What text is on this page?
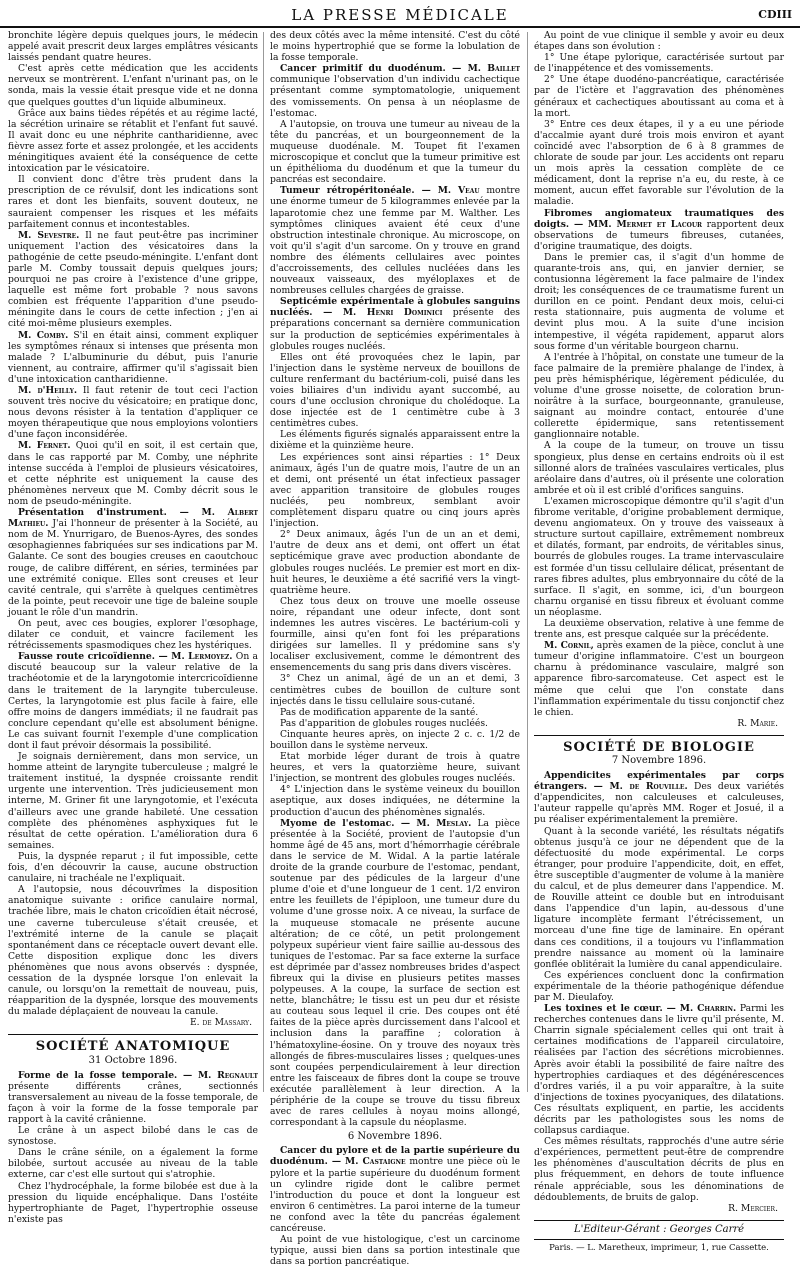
LA PRESSE MÉDICALE	CDIII

bronchite légère depuis quelques jours, le médecin appelé avait prescrit deux larges emplâtres vésicants laissés pendant quatre heures.

C'est après cette médication que les accidents nerveux se montrèrent. L'enfant n'urinant pas, on le sonda, mais la vessie était presque vide et ne donna que quelques gouttes d'un liquide albumineux.

Grâce aux bains tièdes répétés et au régime lacté, la sécrétion urinaire se rétablit et l'enfant fut sauvé. Il avait donc eu une néphrite cantharidienne, avec fièvre assez forte et assez prolongée, et les accidents méningitiques avaient été la conséquence de cette intoxication par le vésicatoire.

Il convient donc d'être très prudent dans la prescription de ce révulsif, dont les indications sont rares et dont les bienfaits, souvent douteux, ne sauraient compenser les risques et les méfaits parfaitement connus et incontestables.

M. Sevestre. Il ne faut peut-être pas incriminer uniquement l'action des vésicatoires dans la pathogénie de cette pseudo-méningite. L'enfant dont parle M. Comby toussait depuis quelques jours; pourquoi ne pas croire à l'existence d'une grippe, laquelle est même fort probable ? nous savons combien est fréquente l'apparition d'une pseudo-méningite dans le cours de cette infection ; j'en ai cité moi-même plusieurs exemples.

M. Comby. S'il en était ainsi, comment expliquer les symptômes rénaux si intenses que présenta mon malade ? L'albuminurie du début, puis l'anurie viennent, au contraire, affirmer qu'il s'agissait bien d'une intoxication cantharidienne.

M. d'Heilly. Il faut retenir de tout ceci l'action souvent très nocive du vésicatoire; en pratique donc, nous devons résister à la tentation d'appliquer ce moyen thérapeutique que nous employions volontiers d'une façon inconsidérée.

M. Fernet. Quoi qu'il en soit, il est certain que, dans le cas rapporté par M. Comby, une néphrite intense succéda à l'emploi de plusieurs vésicatoires, et cette néphrite est uniquement la cause des phénomènes nerveux que M. Comby décrit sous le nom de pseudo-méningite.

Présentation d'instrument. — M. Albert Mathieu. J'ai l'honneur de présenter à la Société, au nom de M. Ynurrigaro, de Buenos-Ayres, des sondes œsophagiennes fabriquées sur ses indications par M. Galante. Ce sont des bougies creuses en caoutchouc rouge, de calibre différent, en séries, terminées par une extrémité conique. Elles sont creuses et leur cavité centrale, qui s'arrête à quelques centimètres de la pointe, peut recevoir une tige de baleine souple jouant le rôle d'un mandrin.

On peut, avec ces bougies, explorer l'œsophage, dilater ce conduit, et vaincre facilement les rétrécissements spasmodiques chez les hystériques.

Fausse route cricoïdienne. — M. Lermoyez. On a discuté beaucoup sur la valeur relative de la trachéotomie et de la laryngotomie intercricoïdienne dans le traitement de la laryngite tuberculeuse. Certes, la laryngotomie est plus facile à faire, elle offre moins de dangers immédiats; il ne faudrait pas conclure cependant qu'elle est absolument bénigne. Le cas suivant fournit l'exemple d'une complication dont il faut prévoir désormais la possibilité.

Je soignais dernièrement, dans mon service, un homme atteint de laryngite tuberculeuse ; malgré le traitement institué, la dyspnée croissante rendit urgente une intervention. Très judicieusement mon interne, M. Griner fit une laryngotomie, et l'exécuta d'ailleurs avec une grande habileté. Une cessation complète des phénomènes asphyxiques fut le résultat de cette opération. L'amélioration dura 6 semaines.

Puis, la dyspnée reparut ; il fut impossible, cette fois, d'en découvrir la cause, aucune obstruction canulaire, ni trachéale ne l'expliquait.

A l'autopsie, nous découvrîmes la disposition anatomique suivante : orifice canulaire normal, trachée libre, mais le chaton cricoïdien était nécrosé, une caverne tuberculeuse s'était creusée, et l'extrémité interne de la canule se plaçait spontanément dans ce réceptacle ouvert devant elle. Cette disposition explique donc les divers phénomènes que nous avons observés : dyspnée, cessation de la dyspnée lorsque l'on enlevait la canule, ou lorsqu'on la remettait de nouveau, puis, réapparition de la dyspnée, lorsque des mouvements du malade déplaçaient de nouveau la canule.

E. de Massary.
SOCIÉTÉ ANATOMIQUE
31 Octobre 1896.

Forme de la fosse temporale. — M. Regnault présente différents crânes, sectionnés transversalement au niveau de la fosse temporale, de façon à voir la forme de la fosse temporale par rapport à la cavité crânienne.

Le crâne à un aspect bilobé dans le cas de synostose.

Dans le crâne sénile, on a également la forme bilobée, surtout accusée au niveau de la table externe, car c'est elle surtout qui s'atrophie.

Chez l'hydrocéphale, la forme bilobée est due à la pression du liquide encéphalique. Dans l'ostéite hypertrophiante de Paget, l'hypertrophie osseuse n'existe pas

des deux côtés avec la même intensité. C'est du côté le moins hypertrophié que se forme la lobulation de la fosse temporale.

Cancer primitif du duodénum. — M. Baillet communique l'observation d'un individu cachectique présentant comme symptomatologie, uniquement des vomissements. On pensa à un néoplasme de l'estomac.

A l'autopsie, on trouva une tumeur au niveau de la tête du pancréas, et un bourgeonnement de la muqueuse duodénale. M. Toupet fit l'examen microscopique et conclut que la tumeur primitive est un épithélioma du duodénum et que la tumeur du pancréas est secondaire.

Tumeur rétropéritonéale. — M. Veau montre une énorme tumeur de 5 kilogrammes enlevée par la laparotomie chez une femme par M. Walther. Les symptômes cliniques avaient été ceux d'une obstruction intestinale chronique. Au microscope, on voit qu'il s'agit d'un sarcome. On y trouve en grand nombre des éléments cellulaires avec pointes d'accroissements, des cellules nucléées dans les nouveaux vaisseaux, des myéloplaxes et de nombreuses cellules chargées de graisse.

Septicémie expérimentale à globules sanguins nucléés. — M. Henri Dominici présente des préparations concernant sa dernière communication sur la production de septicémies expérimentales à globules rouges nucléés.

Elles ont été provoquées chez le lapin, par l'injection dans le système nerveux de bouillons de culture renfermant du bactérium-coli, puisé dans les voies biliaires d'un individu ayant succombé, au cours d'une occlusion chronique du cholédoque. La dose injectée est de 1 centimètre cube à 3 centimètres cubes.

Les éléments figurés signalés apparaissent entre la dixième et la quinzième heure.

Les expériences sont ainsi réparties : 1° Deux animaux, âgés l'un de quatre mois, l'autre de un an et demi, ont présenté un état infectieux passager avec apparition transitoire de globules rouges nucléés, peu nombreux, semblant avoir complètement disparu quatre ou cinq jours après l'injection.

2° Deux animaux, âgés l'un de un an et demi, l'autre de deux ans et demi, ont offert un état septicémique grave avec production abondante de globules rouges nucléés. Le premier est mort en dix-huit heures, le deuxième a été sacrifié vers la vingt-quatrième heure.

Chez tous deux on trouve une moelle osseuse noire, répandant une odeur infecte, dont sont indemnes les autres viscères. Le bactérium-coli y fourmille, ainsi qu'en font foi les préparations dirigées sur lamelles. Il y prédomine sans s'y localiser exclusivement, comme le démontrent des ensemencements du sang pris dans divers viscères.

3° Chez un animal, âgé de un an et demi, 3 centimètres cubes de bouillon de culture sont injectés dans le tissu cellulaire sous-cutané.

Pas de modification apparente de la santé.

Pas d'apparition de globules rouges nucléés.

Cinquante heures après, on injecte 2 c. c. 1/2 de bouillon dans le système nerveux.

Etat morbide léger durant de trois à quatre heures, et vers la quatorzième heure, suivant l'injection, se montrent des globules rouges nucléés.

4° L'injection dans le système veineux du bouillon aseptique, aux doses indiquées, ne détermine la production d'aucun des phénomènes signalés.

Myome de l'estomac. — M. Meslay. La pièce présentée à la Société, provient de l'autopsie d'un homme âgé de 45 ans, mort d'hémorrhagie cérébrale dans le service de M. Widal. A la partie latérale droite de la grande courbure de l'estomac, pendant, soutenue par des pédicules de la largeur d'une plume d'oie et d'une longueur de 1 cent. 1/2 environ entre les feuillets de l'épiploon, une tumeur dure du volume d'une grosse noix. A ce niveau, la surface de la muqueuse stomacale ne présente aucune altération; de ce côté, un petit prolongement polypeux supérieur vient faire saillie au-dessous des tuniques de l'estomac. Par sa face externe la surface est déprimée par d'assez nombreuses brides d'aspect fibreux qui la divise en plusieurs petites masses polypeuses. A la coupe, la surface de section est nette, blanchâtre; le tissu est un peu dur et résiste au couteau sous lequel il crie. Des coupes ont été faites de la pièce après durcissement dans l'alcool et inclusion dans la paraffine ; coloration à l'hématoxyline-éosine. On y trouve des noyaux très allongés de fibres-musculaires lisses ; quelques-unes sont coupées perpendiculairement à leur direction entre les faisceaux de fibres dont la coupe se trouve exécutée parallèlement à leur direction. A la périphérie de la coupe se trouve du tissu fibreux avec de rares cellules à noyau moins allongé, correspondant à la capsule du néoplasme.

6 Novembre 1896.

Cancer du pylore et de la partie supérieure du duodénum. — M. Castaigne montre une pièce où le pylore et la partie supérieure du duodénum forment un cylindre rigide dont le calibre permet l'introduction du pouce et dont la longueur est environ 6 centimètres. La paroi interne de la tumeur ne confond avec la tête du pancréas également cancéreuse.

Au point de vue histologique, c'est un carcinome typique, aussi bien dans sa portion intestinale que dans sa portion pancréatique.

Au point de vue clinique il semble y avoir eu deux étapes dans son évolution :

1° Une étape pylorique, caractérisée surtout par de l'inappétence et des vomissements.

2° Une étape duodéno-pancréatique, caractérisée par de l'ictère et l'aggravation des phénomènes généraux et cachectiques aboutissant au coma et à la mort.

3° Entre ces deux étapes, il y a eu une période d'accalmie ayant duré trois mois environ et ayant coïncidé avec l'absorption de 6 à 8 grammes de chlorate de soude par jour. Les accidents ont reparu un mois après la cessation complète de ce médicament, dont la reprise n'a eu, du reste, à ce moment, aucun effet favorable sur l'évolution de la maladie.

Fibromes angiomateux traumatiques des doigts. — MM. Mermet et Lacour rapportent deux observations de tumeurs fibreuses, cutanées, d'origine traumatique, des doigts.

Dans le premier cas, il s'agit d'un homme de quarante-trois ans, qui, en janvier dernier, se contusionna légèrement la face palmaire de l'index droit; les conséquences de ce traumatisme furent un durillon en ce point. Pendant deux mois, celui-ci resta stationnaire, puis augmenta de volume et devint plus mou. A la suite d'une incision intempestive, il végéta rapidement, apparut alors sous forme d'un véritable bourgeon charnu.

A l'entrée à l'hôpital, on constate une tumeur de la face palmaire de la première phalange de l'index, à peu près hémisphérique, légèrement pédiculée, du volume d'une grosse noisette, de coloration brun-noirâtre à la surface, bourgeonnante, granuleuse, saignant au moindre contact, entourée d'une collerette épidermique, sans retentissement ganglionnaire notable.

A la coupe de la tumeur, on trouve un tissu spongieux, plus dense en certains endroits où il est sillonné alors de traînées vasculaires verticales, plus aréolaire dans d'autres, où il présente une coloration ambrée et où il est criblé d'orifices sanguins.

L'examen microscopique démontre qu'il s'agit d'un fibrome veritable, d'origine probablement dermique, devenu angiomateux. On y trouve des vaisseaux à structure surtout capillaire, extrêmement nombreux et dilatés, formant, par endroits, de véritables sinus, bourrés de globules rouges. La trame intervasculaire est formée d'un tissu cellulaire délicat, présentant de rares fibres adultes, plus embryonnaire du côté de la surface. Il s'agit, en somme, ici, d'un bourgeon charnu organisé en tissu fibreux et évoluant comme un néoplasme.

La deuxième observation, relative à une femme de trente ans, est presque calquée sur la précédente.

M. Cornil, après examen de la pièce, conclut à une tumeur d'origine inflammatoire. C'est un bourgeon charnu à prédominance vasculaire, malgré son apparence fibro-sarcomateuse. Cet aspect est le même que celui que l'on constate dans l'inflammation expérimentale du tissu conjonctif chez le chien.

R. Marie.
SOCIÉTÉ DE BIOLOGIE
7 Novembre 1896.

Appendicites expérimentales par corps étrangers. — M. de Rouville. Des deux variétés d'appendicites, non calculeuses et calculeuses, l'auteur rappelle qu'après MM. Roger et Josué, il a pu réaliser expérimentalement la première.

Quant à la seconde variété, les résultats négatifs obtenus jusqu'à ce jour ne dépendent que de la défectuosité du mode expérimental. Le corps étranger, pour produire l'appendicite, doit, en effet, être susceptible d'augmenter de volume à la manière du calcul, et de plus demeurer dans l'appendice. M. de Rouville atteint ce double but en introduisant dans l'appendice d'un lapin, au-dessous d'une ligature incomplète fermant l'étrécissement, un morceau d'une fine tige de laminaire. En opérant dans ces conditions, il a toujours vu l'inflammation prendre naissance au moment où la laminaire gonflée oblitérait la lumière du canal appendiculaire.

Ces expériences concluent donc la confirmation expérimentale de la théorie pathogénique défendue par M. Dieulafoy.

Les toxines et le cœur. — M. Charrin. Parmi les recherches contenues dans le livre qu'il présente, M. Charrin signale spécialement celles qui ont trait à certaines modifications de l'appareil circulatoire, réalisées par l'action des sécrétions microbiennes. Après avoir établi la possibilité de faire naître des hypertrophies cardiaques et des dégénérescences d'ordres variés, il a pu voir apparaître, à la suite d'injections de toxines pyocyaniques, des dilatations. Ces résultats expliquent, en partie, les accidents décrits par les pathologistes sous les noms de collapsus cardiaque.

Ces mêmes résultats, rapprochés d'une autre série d'expériences, permettent peut-être de comprendre les phénomènes d'auscultation décrits de plus en plus fréquemment, en dehors de toute influence rénale appréciable, sous les dénominations de dédoublements, de bruits de galop.

R. Mercier.
L'Editeur-Gérant : Georges Carré
Paris. — L. Maretheux, imprimeur, 1, rue Cassette.
